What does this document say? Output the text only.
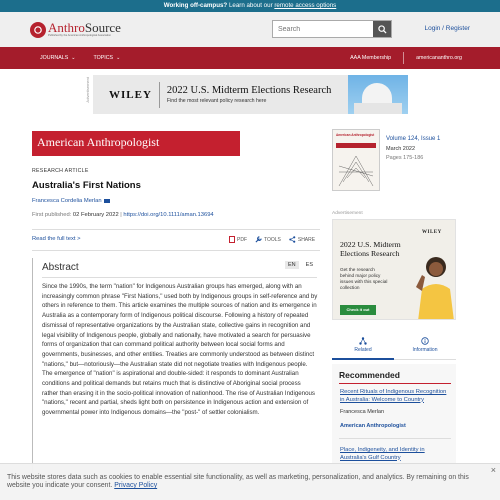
Working off-campus? Learn about our remote access options
AnthroSource
Published by the American Anthropological Association
Search
Login / Register
JOURNALS ⌄	TOPICS ⌄	AAA Membership	americananthro.org
Advertisement WILEY 2022 U.S. Midterm Elections Research
Find the most relevant policy research here
American Anthropologist
RESEARCH ARTICLE
Australia's First Nations
Francesca Cordelia Merlan
First published: 02 February 2022 | https://doi.org/10.1111/aman.13694
Read the full text >	PDF	TOOLS	SHARE
Abstract	EN	ES
Since the 1990s, the term "nation" for Indigenous Australian groups has emerged, along with an increasingly common phrase "First Nations," used both by Indigenous groups in self-reference and by others in reference to them. This article examines the multiple sources of nation and its emergence in Australia as a contemporary form of Indigenous political discourse. Following a history of repeated dismissal of representative organizations by the Australian state, collective gains in recognition and legal visibility of Indigenous people, globally and nationally, have motivated a search for persuasive forms of organization that can command political authority between local social forms and governments, businesses, and other entities. Treaties are commonly understood as between distinct "nations," but—notoriously—the Australian state did not negotiate treaties with Indigenous people. The emergence of "nation" is aspirational and double-sided: it responds to dominant Australian conditions and political demands but retains much that is distinctive of Aboriginal social process rather than erasing it in the socio-political innovation of nationhood. The rise of Australian Indigenous "nations," recent and partial, sheds light both on persistence in Indigenous action and extension of governmental power into Indigenous domains—the "post-" of settler colonialism.
American Anthropologist
Volume 124, Issue 1
March 2022
Pages 175-186
Advertisement
WILEY
2022 U.S. Midterm Elections Research
Get the research behind major policy issues with this special collection
Check it out
Related	Information
Recommended
Recent Rituals of Indigenous Recognition in Australia: Welcome to Country
Francesca Merlan
American Anthropologist
Place, Indigeneity, and Identity in Australia's Gulf Country
×
This website stores data such as cookies to enable essential site functionality, as well as marketing, personalization, and analytics. By remaining on this website you indicate your consent. Privacy Policy
